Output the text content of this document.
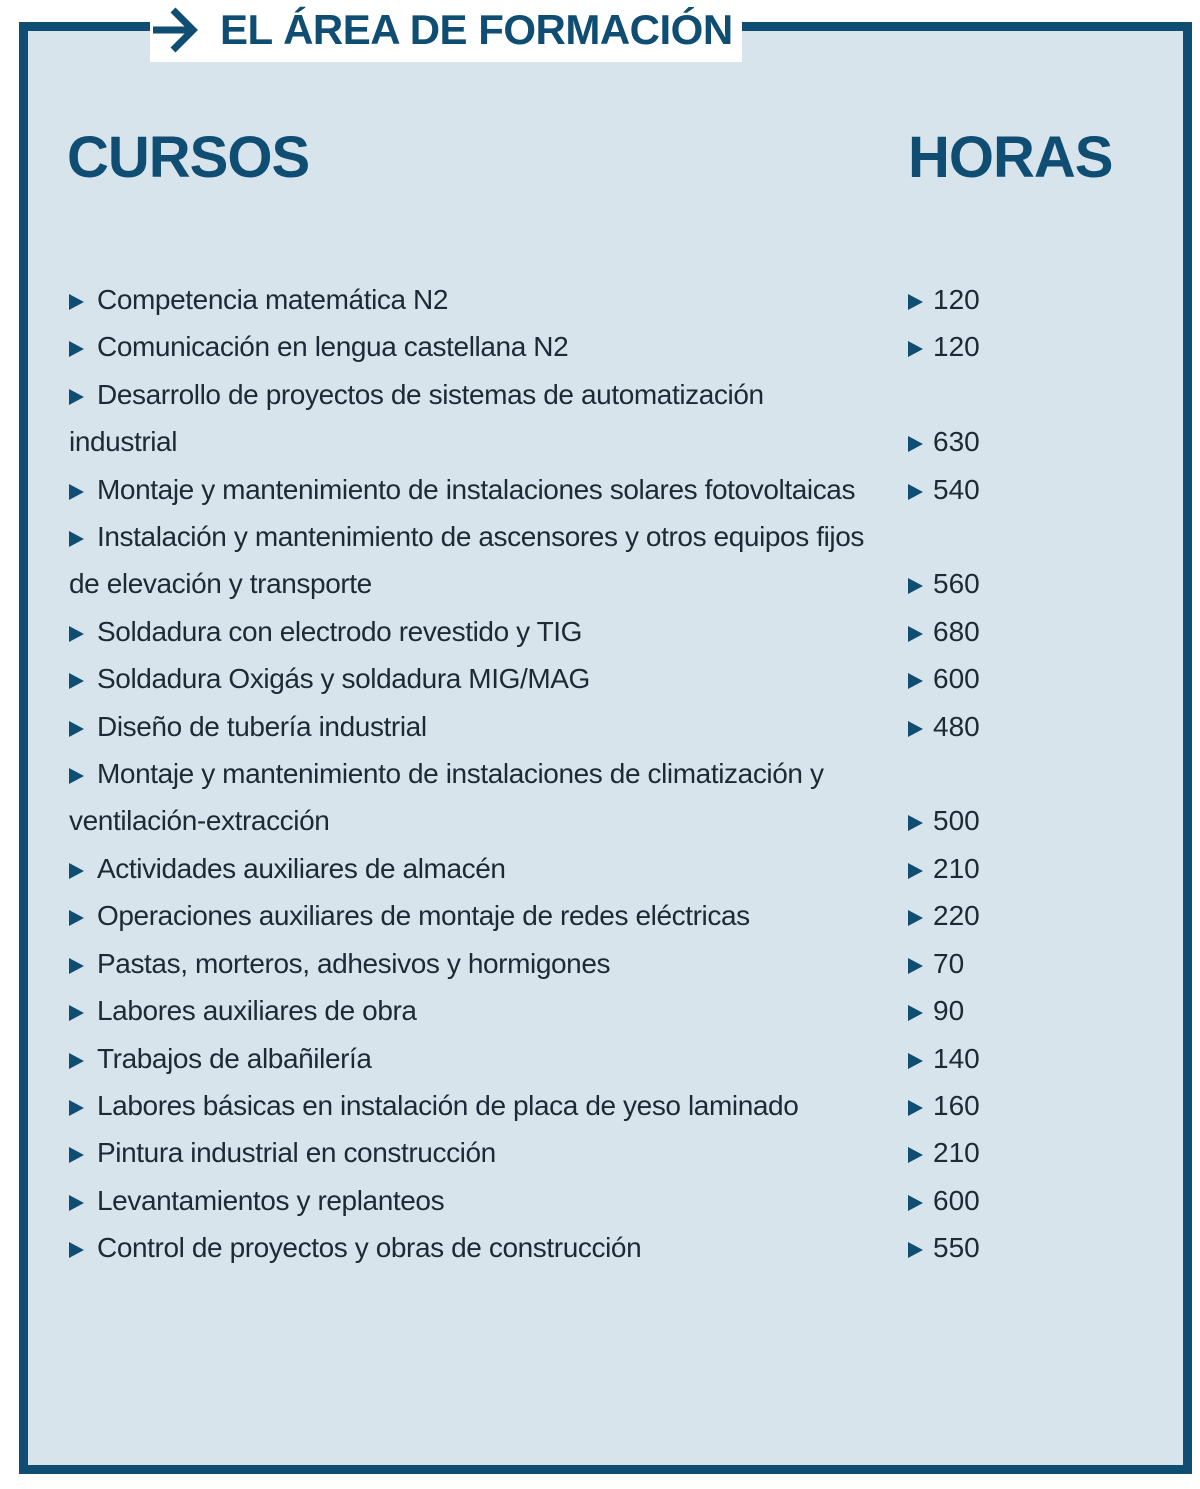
EL ÁREA DE FORMACIÓN
CURSOS	HORAS
Competencia matemática N2	120
Comunicación en lengua castellana N2	120
Desarrollo de proyectos de sistemas de automatización industrial	630
Montaje y mantenimiento de instalaciones solares fotovoltaicas	540
Instalación y mantenimiento de ascensores y otros equipos fijos de elevación y transporte	560
Soldadura con electrodo revestido y TIG	680
Soldadura Oxigás y soldadura MIG/MAG	600
Diseño de tubería industrial	480
Montaje y mantenimiento de instalaciones de climatización y ventilación-extracción	500
Actividades auxiliares de almacén	210
Operaciones auxiliares de montaje de redes eléctricas	220
Pastas, morteros, adhesivos y hormigones	70
Labores auxiliares de obra	90
Trabajos de albañilería	140
Labores básicas en instalación de placa de yeso laminado	160
Pintura industrial en construcción	210
Levantamientos y replanteos	600
Control de proyectos y obras de construcción	550
